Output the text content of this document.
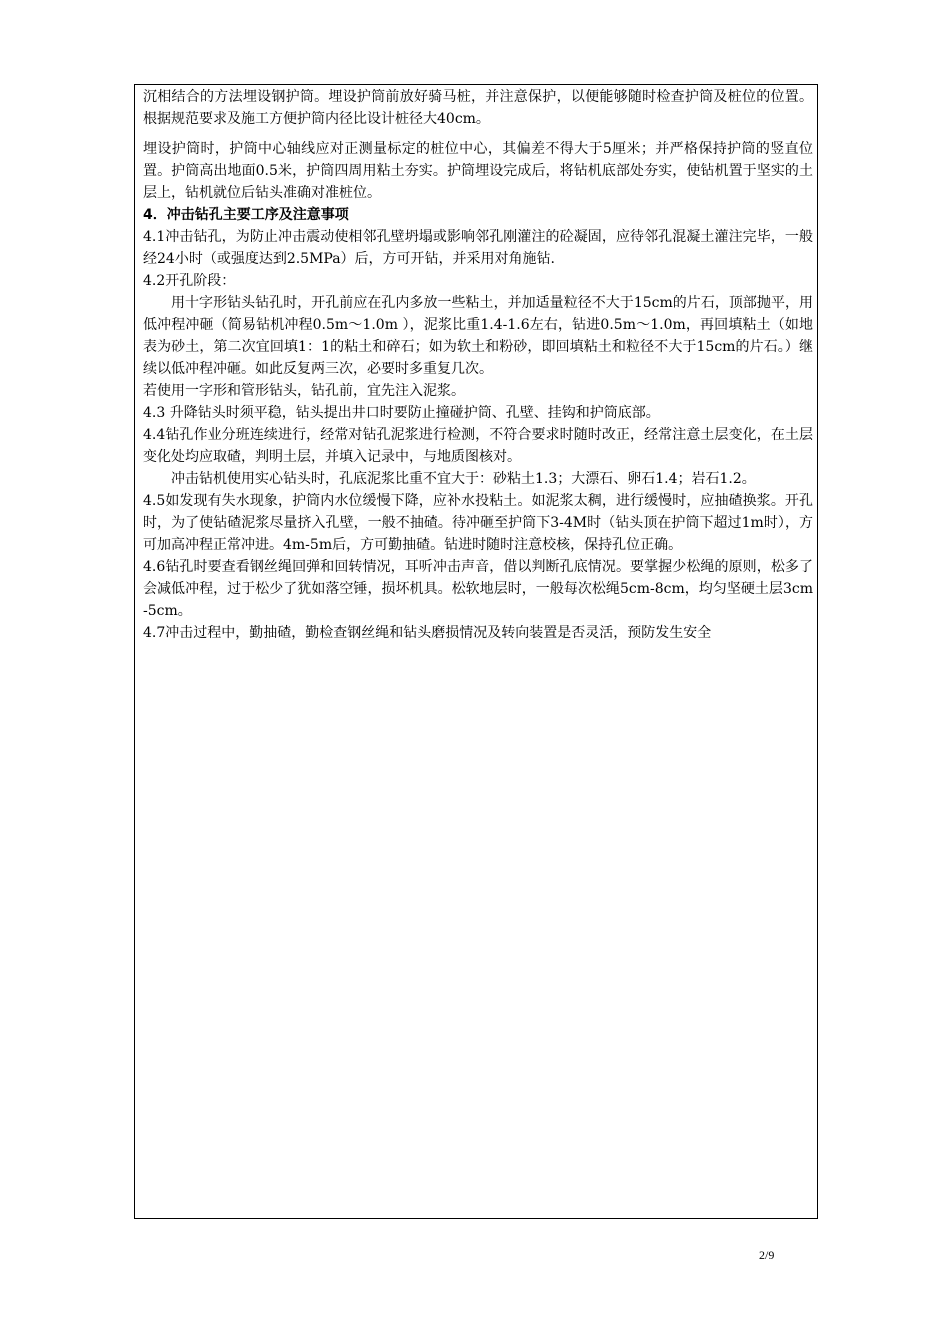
沉相结合的方法埋设钢护筒。埋设护筒前放好骑马桩，并注意保护，以便能够随时检查护筒及桩位的位置。根据规范要求及施工方便护筒内径比设计桩径大40cm。

埋设护筒时，护筒中心轴线应对正测量标定的桩位中心，其偏差不得大于5厘米；并严格保持护筒的竖直位置。护筒高出地面0.5米，护筒四周用粘土夯实。护筒埋设完成后，将钻机底部处夯实，使钻机置于坚实的土层上，钻机就位后钻头准确对准桩位。

4．冲击钻孔主要工序及注意事项

4.1冲击钻孔，为防止冲击震动使相邻孔壁坍塌或影响邻孔刚灌注的砼凝固，应待邻孔混凝土灌注完毕，一般经24小时（或强度达到2.5MPa）后，方可开钻，并采用对角施钻.

4.2开孔阶段：

用十字形钻头钻孔时，开孔前应在孔内多放一些粘土，并加适量粒径不大于15cm的片石，顶部抛平，用低冲程冲砸（简易钻机冲程0.5m～1.0m ），泥浆比重1.4-1.6左右，钻进0.5m～1.0m，再回填粘土（如地表为砂土，第二次宜回填1：1的粘土和碎石；如为软土和粉砂，即回填粘土和粒径不大于15cm的片石。）继续以低冲程冲砸。如此反复两三次，必要时多重复几次。

若使用一字形和管形钻头，钻孔前，宜先注入泥浆。

4.3 升降钻头时须平稳，钻头提出井口时要防止撞碰护筒、孔壁、挂钩和护筒底部。

4.4钻孔作业分班连续进行，经常对钻孔泥浆进行检测，不符合要求时随时改正，经常注意土层变化，在土层变化处均应取碴，判明土层，并填入记录中，与地质图核对。

冲击钻机使用实心钻头时，孔底泥浆比重不宜大于：砂粘土1.3；大漂石、卵石1.4；岩石1.2。

4.5如发现有失水现象，护筒内水位缓慢下降，应补水投粘土。如泥浆太稠，进行缓慢时，应抽碴换浆。开孔时，为了使钻碴泥浆尽量挤入孔壁，一般不抽碴。待冲砸至护筒下3-4M时（钻头顶在护筒下超过1m时），方可加高冲程正常冲进。4m-5m后，方可勤抽碴。钻进时随时注意校核，保持孔位正确。

4.6钻孔时要查看钢丝绳回弹和回转情况，耳听冲击声音，借以判断孔底情况。要掌握少松绳的原则，松多了会减低冲程，过于松少了犹如落空锤，损坏机具。松软地层时，一般每次松绳5cm-8cm，均匀坚硬土层3cm-5cm。

4.7冲击过程中，勤抽碴，勤检查钢丝绳和钻头磨损情况及转向装置是否灵活，预防发生安全

2/9
